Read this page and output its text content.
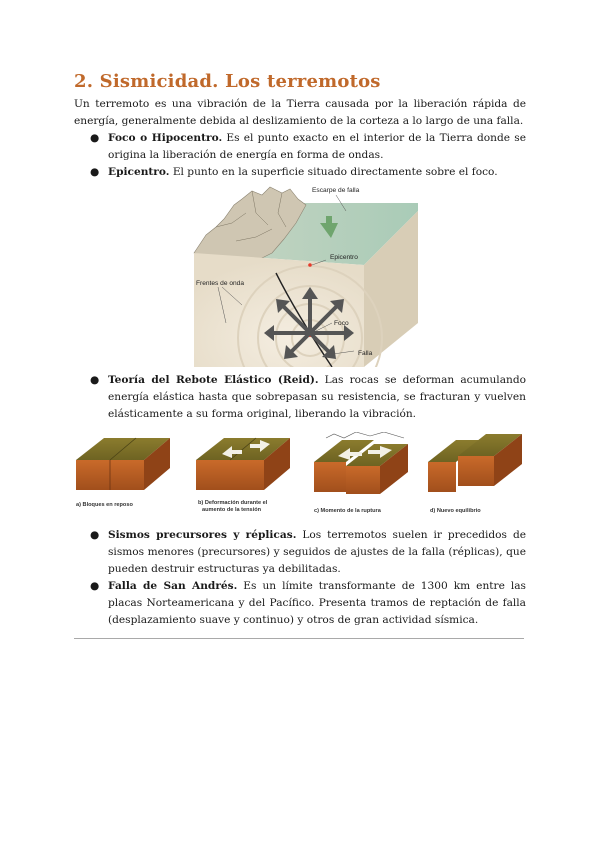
2. Sismicidad. Los terremotos
Un terremoto es una vibración de la Tierra causada por la liberación rápida de energía, generalmente debida al deslizamiento de la corteza a lo largo de una falla.
● Foco o Hipocentro. Es el punto exacto en el interior de la Tierra donde se origina la liberación de energía en forma de ondas.
● Epicentro. El punto en la superficie situado directamente sobre el foco.
Escarpe de falla
Epicentro
Frentes de onda
Foco
Falla
● Teoría del Rebote Elástico (Reid). Las rocas se deforman acumulando energía elástica hasta que sobrepasan su resistencia, se fracturan y vuelven elásticamente a su forma original, liberando la vibración.
a) Bloques en reposo	b) Deformación durante el aumento de la tensión	c) Momento de la ruptura	d) Nuevo equilibrio
● Sismos precursores y réplicas. Los terremotos suelen ir precedidos de sismos menores (precursores) y seguidos de ajustes de la falla (réplicas), que pueden destruir estructuras ya debilitadas.
● Falla de San Andrés. Es un límite transformante de 1300 km entre las placas Norteamericana y del Pacífico. Presenta tramos de reptación de falla (desplazamiento suave y continuo) y otros de gran actividad sísmica.
